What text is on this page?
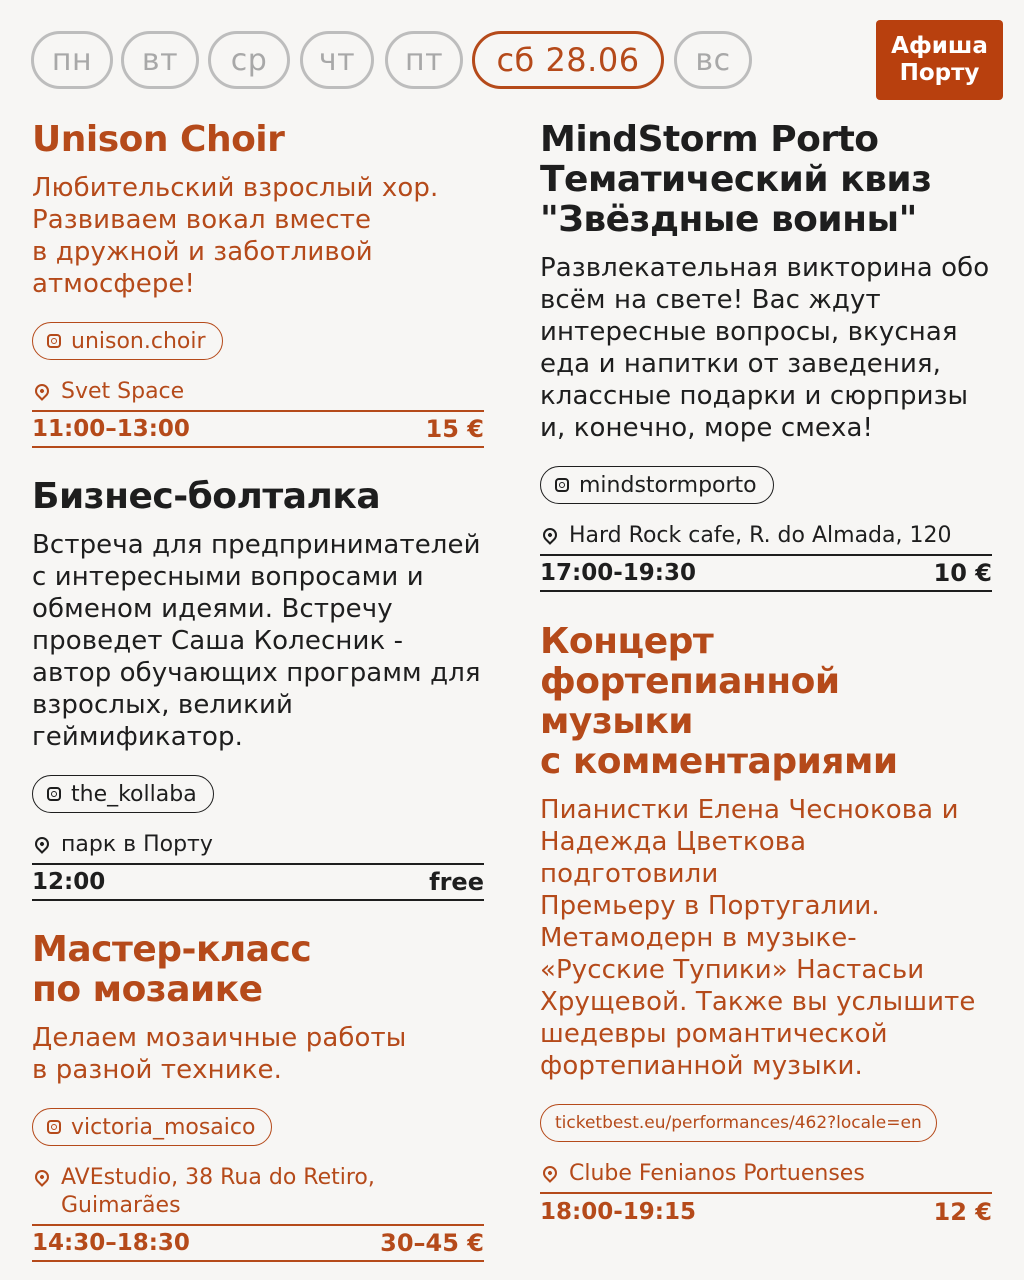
пн	вт	ср	чт	пт	сб 28.06	вс	Афиша
Порту
Unison Choir
Любительский взрослый хор.
Развиваем вокал вместе
в дружной и заботливой
атмосфере!
unison.choir
Svet Space
11:00–13:00	15 €
Бизнес-болталка
Встреча для предпринимателей
с интересными вопросами и
обменом идеями. Встречу
проведет Саша Колесник -
автор обучающих программ для
взрослых, великий
геймификатор.
the_kollaba
парк в Порту
12:00	free
Мастер-класс
по мозаике
Делаем мозаичные работы
в разной технике.
victoria_mosaico
AVEstudio, 38 Rua do Retiro,
Guimarães
14:30–18:30	30–45 €
MindStorm Porto
Тематический квиз
"Звёздные воины"
Развлекательная викторина обо
всём на свете! Вас ждут
интересные вопросы, вкусная
еда и напитки от заведения,
классные подарки и сюрпризы
и, конечно, море смеха!
mindstormporto
Hard Rock cafe, R. do Almada, 120
17:00-19:30	10 €
Концерт
фортепианной музыки
с комментариями
Пианистки Елена Чеснокова и
Надежда Цветкова подготовили
Премьеру в Португалии.
Метамодерн в музыке-
«Русские Тупики» Настасьи
Хрущевой. Также вы услышите
шедевры романтической
фортепианной музыки.
ticketbest.eu/performances/462?locale=en
Clube Fenianos Portuenses
18:00-19:15	12 €
